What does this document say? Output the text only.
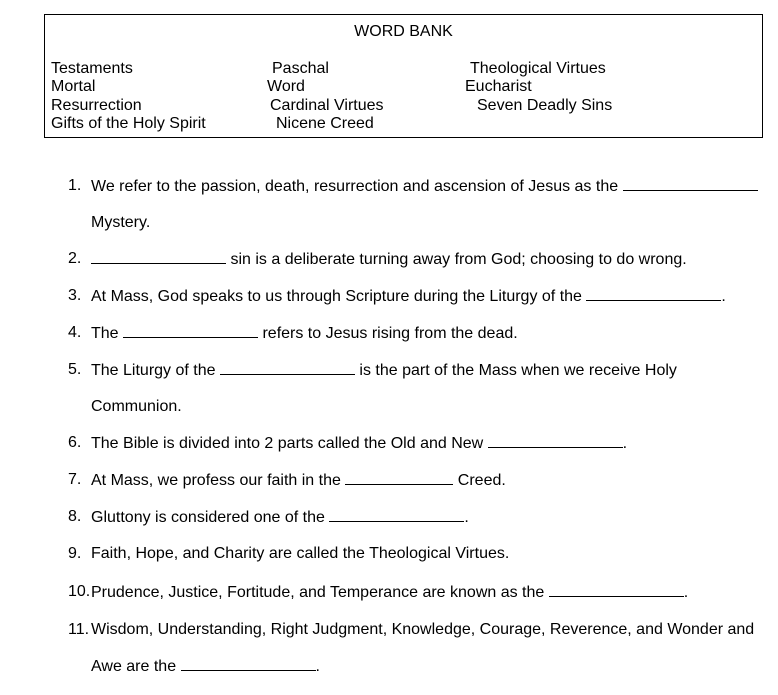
WORD BANK
Testaments	Paschal	Theological Virtues
Mortal	Word	Eucharist
Resurrection	Cardinal Virtues	Seven Deadly Sins
Gifts of the Holy Spirit	Nicene Creed
1. We refer to the passion, death, resurrection and ascension of Jesus as the
Mystery.
2.	sin is a deliberate turning away from God; choosing to do wrong.
3. At Mass, God speaks to us through Scripture during the Liturgy of the	.
4. The	refers to Jesus rising from the dead.
5. The Liturgy of the	is the part of the Mass when we receive Holy
Communion.
6. The Bible is divided into 2 parts called the Old and New	.
7. At Mass, we profess our faith in the	Creed.
8. Gluttony is considered one of the	.
9. Faith, Hope, and Charity are called the Theological Virtues.
10. Prudence, Justice, Fortitude, and Temperance are known as the	.
11. Wisdom, Understanding, Right Judgment, Knowledge, Courage, Reverence, and Wonder and
Awe are the	.
